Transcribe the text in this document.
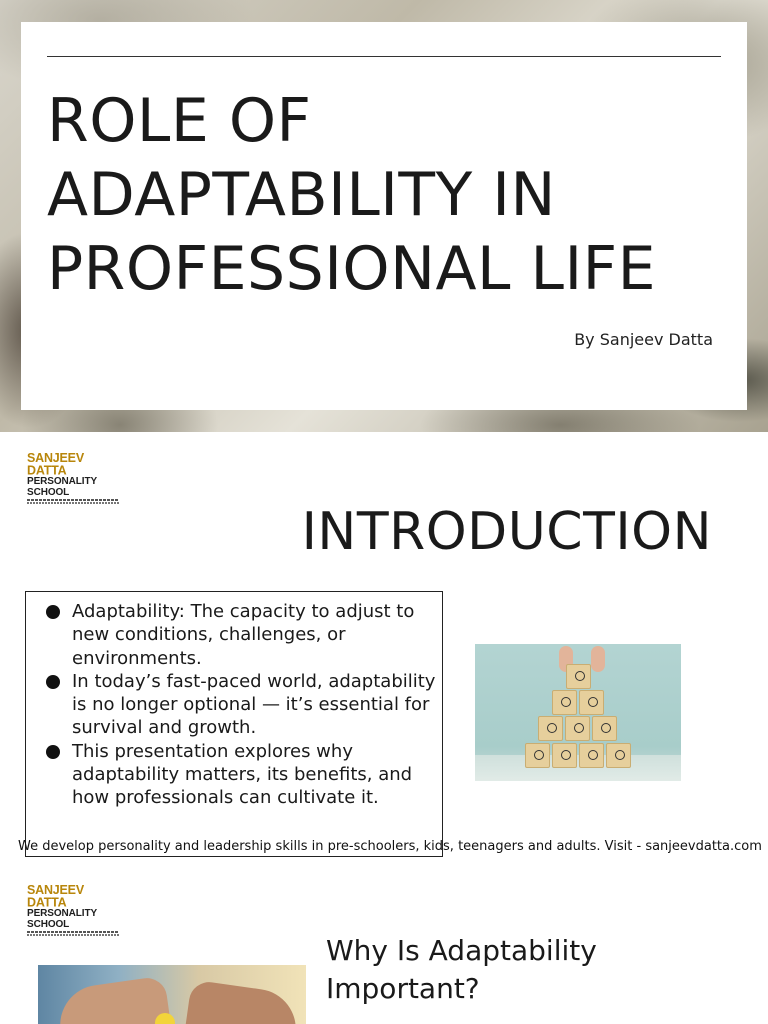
ROLE OF
ADAPTABILITY IN
PROFESSIONAL LIFE
By Sanjeev Datta
SANJEEV DATTA
PERSONALITY SCHOOL
INTRODUCTION
Adaptability: The capacity to adjust to new conditions, challenges, or environments.
In today’s fast-paced world, adaptability is no longer optional — it’s essential for survival and growth.
This presentation explores why adaptability matters, its benefits, and how professionals can cultivate it.
We develop personality and leadership skills in pre-schoolers, kids, teenagers and adults. Visit - sanjeevdatta.com
SANJEEV DATTA
PERSONALITY SCHOOL
Why Is Adaptability
Important?
